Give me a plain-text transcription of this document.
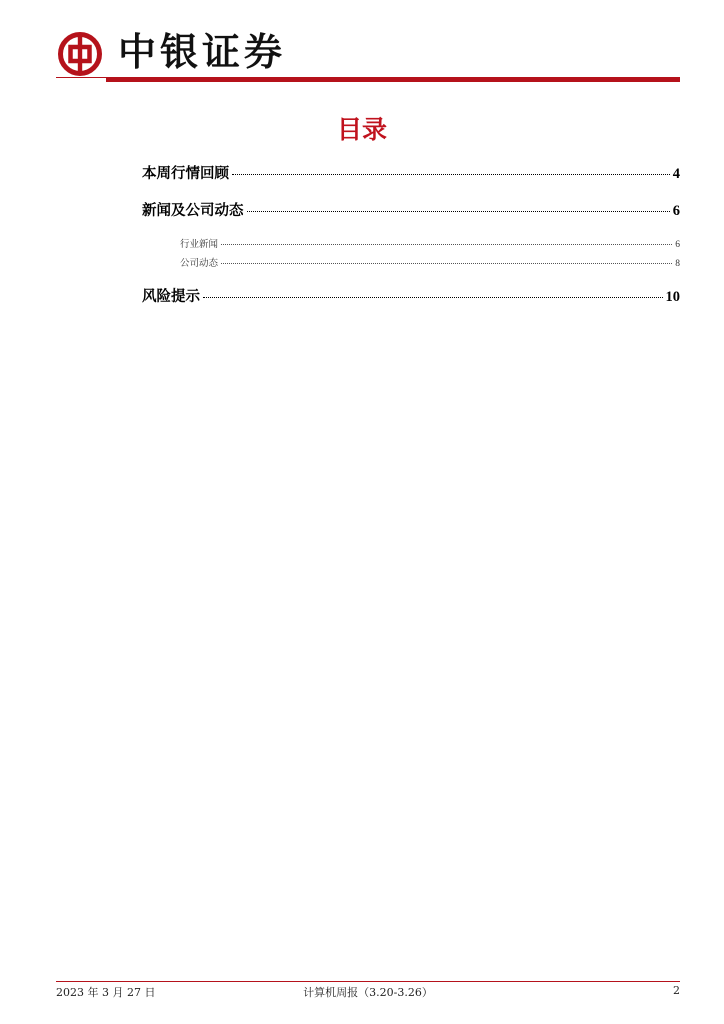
中银证券
目录
本周行情回顾	4
新闻及公司动态	6
行业新闻	6
公司动态	8
风险提示	10
2023 年 3 月 27 日	计算机周报（3.20-3.26）	2
